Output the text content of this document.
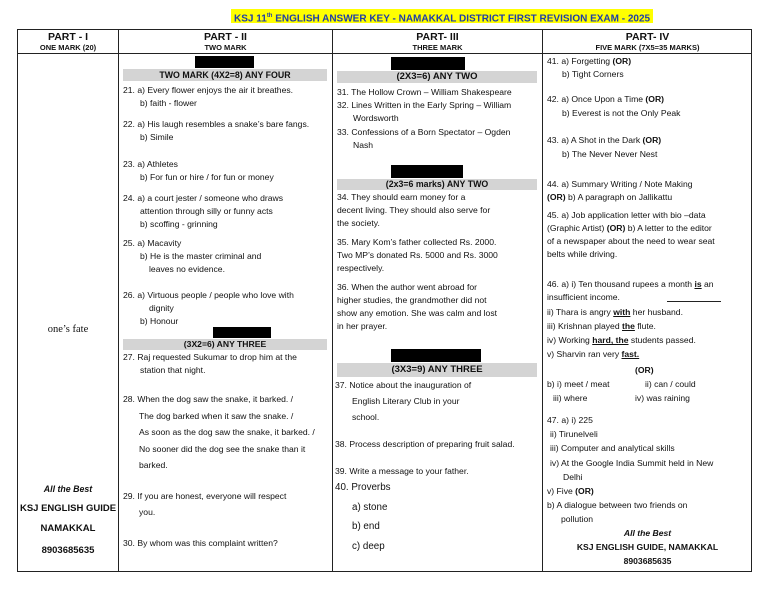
KSJ 11th ENGLISH ANSWER KEY - NAMAKKAL DISTRICT FIRST REVISION EXAM - 2025
PART - I
ONE MARK (20)
PART - II
TWO MARK
PART- III
THREE MARK
PART- IV
FIVE MARK (7X5=35 MARKS)
one’s fate
All the Best
KSJ ENGLISH GUIDE
NAMAKKAL
8903685635
TWO MARK (4X2=8) ANY FOUR
21. a) Every flower enjoys the air it breathes.
b) faith - flower
22. a) His laugh resembles a snake’s bare fangs.
b) Simile
23. a) Athletes
b) For fun or hire / for fun or money
24. a) a court jester / someone who draws
attention through silly or funny acts
b) scoffing - grinning
25. a) Macavity
b) He is the master criminal and
leaves no evidence.
26. a) Virtuous people / people who love with
dignity
b) Honour
(3X2=6) ANY THREE
27. Raj requested Sukumar to drop him at the
station that night.
28. When the dog saw the snake, it barked. /
The dog barked when it saw the snake. /
As soon as the dog saw the snake, it barked. /
No sooner did the dog see the snake than it
barked.
29. If you are honest, everyone will respect
you.
30. By whom was this complaint written?
(2X3=6) ANY TWO
31. The Hollow Crown – William Shakespeare
32. Lines Written in the Early Spring – William
Wordsworth
33. Confessions of a Born Spectator – Ogden
Nash
(2x3=6 marks) ANY TWO
34. They should earn money for a
decent living. They should also serve for
the society.
35. Mary Kom’s father collected Rs. 2000.
Two MP’s donated Rs. 5000 and Rs. 3000
respectively.
36. When the author went abroad for
higher studies, the grandmother did not
show any emotion. She was calm and lost
in her prayer.
(3X3=9) ANY THREE
37. Notice about the inauguration of
English Literary Club in your
school.
38. Process description of preparing fruit salad.
39. Write a message to your father.
40. Proverbs
a) stone
b) end
c) deep
41. a) Forgetting (OR)
b) Tight Corners
42. a) Once Upon a Time (OR)
b) Everest is not the Only Peak
43. a) A Shot in the Dark (OR)
b) The Never Never Nest
44. a) Summary Writing / Note Making
(OR) b) A paragraph on Jallikattu
45. a) Job application letter with bio –data
(Graphic Artist) (OR) b) A letter to the editor
of a newspaper about the need to wear seat
belts while driving.
46. a) i) Ten thousand rupees a month is an
insufficient income.
ii) Thara is angry with her husband.
iii) Krishnan played the flute.
iv) Working hard, the students passed.
v) Sharvin ran very fast.
(OR)
b) i) meet / meat	ii) can / could
iii) where	iv) was raining
47. a) i) 225
ii) Tirunelveli
iii) Computer and analytical skills
iv) At the Google India Summit held in New
Delhi
v) Five (OR)
b) A dialogue between two friends on
pollution
All the Best
KSJ ENGLISH GUIDE, NAMAKKAL
8903685635
